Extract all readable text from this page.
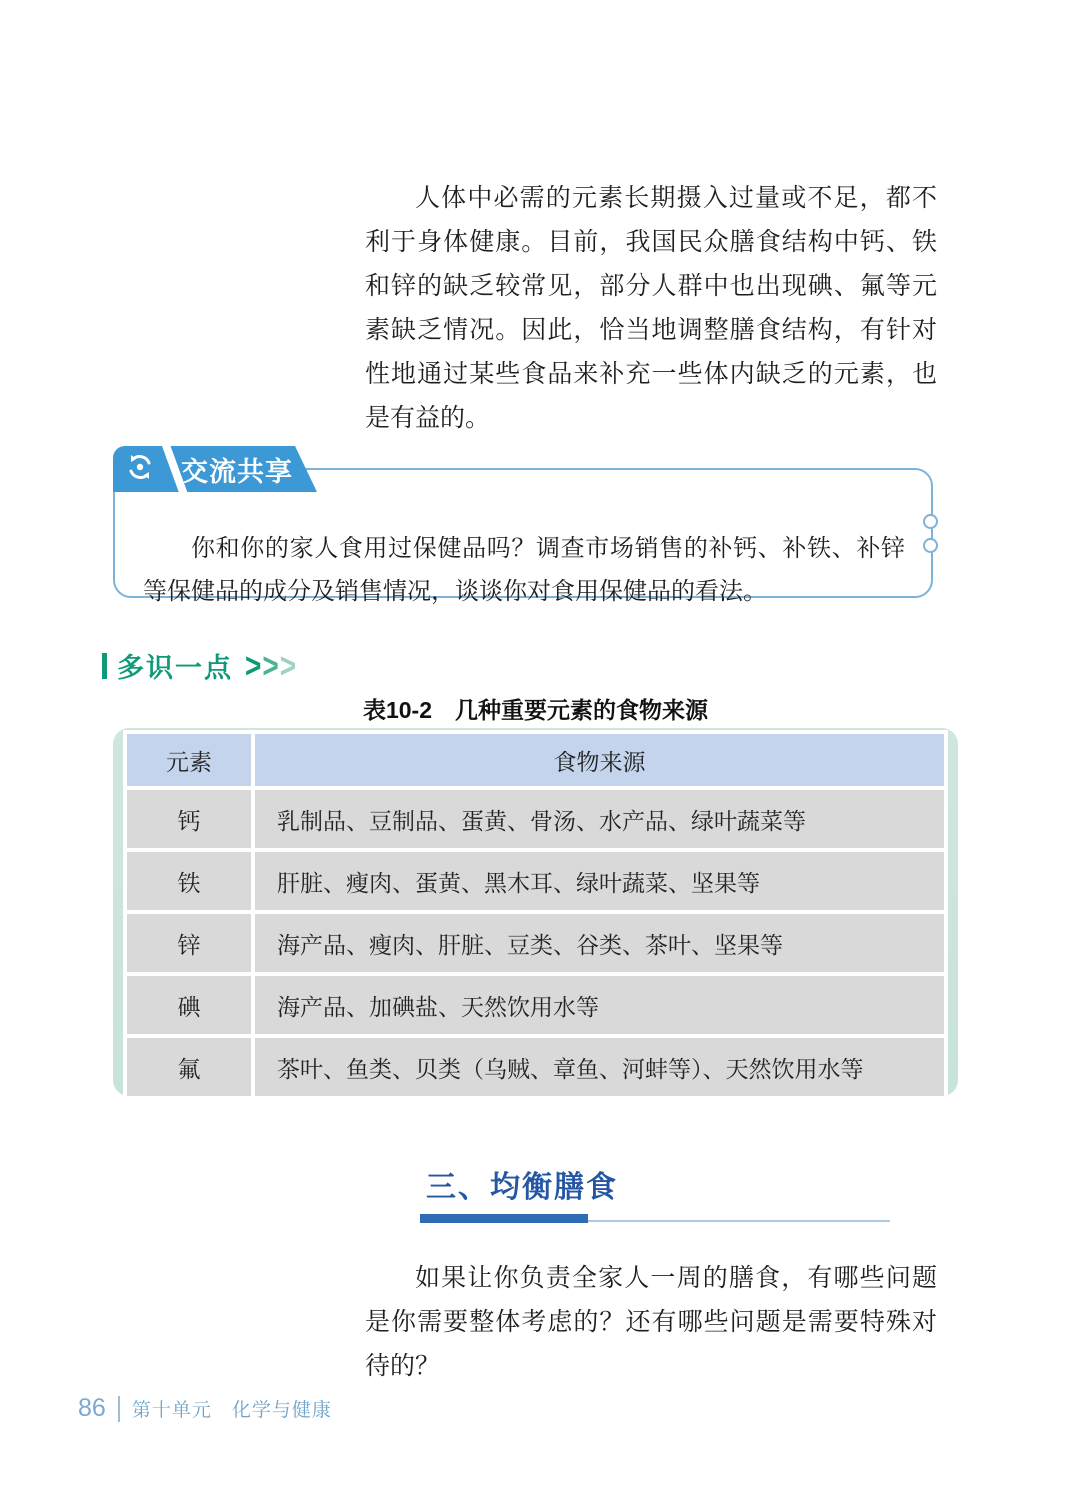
人体中必需的元素长期摄入过量或不足，都不利于身体健康。目前，我国民众膳食结构中钙、铁和锌的缺乏较常见，部分人群中也出现碘、氟等元素缺乏情况。因此，恰当地调整膳食结构，有针对性地通过某些食品来补充一些体内缺乏的元素，也是有益的。

你和你的家人食用过保健品吗？调查市场销售的补钙、补铁、补锌等保健品的成分及销售情况，谈谈你对食用保健品的看法。

交流共享
多识一点 > > >
表10-2　几种重要元素的食物来源
元素	食物来源
钙	乳制品、豆制品、蛋黄、骨汤、水产品、绿叶蔬菜等
铁	肝脏、瘦肉、蛋黄、黑木耳、绿叶蔬菜、坚果等
锌	海产品、瘦肉、肝脏、豆类、谷类、茶叶、坚果等
碘	海产品、加碘盐、天然饮用水等
氟	茶叶、鱼类、贝类（乌贼、章鱼、河蚌等）、天然饮用水等
三、均衡膳食

如果让你负责全家人一周的膳食，有哪些问题是你需要整体考虑的？还有哪些问题是需要特殊对待的？

86 第十单元　化学与健康
